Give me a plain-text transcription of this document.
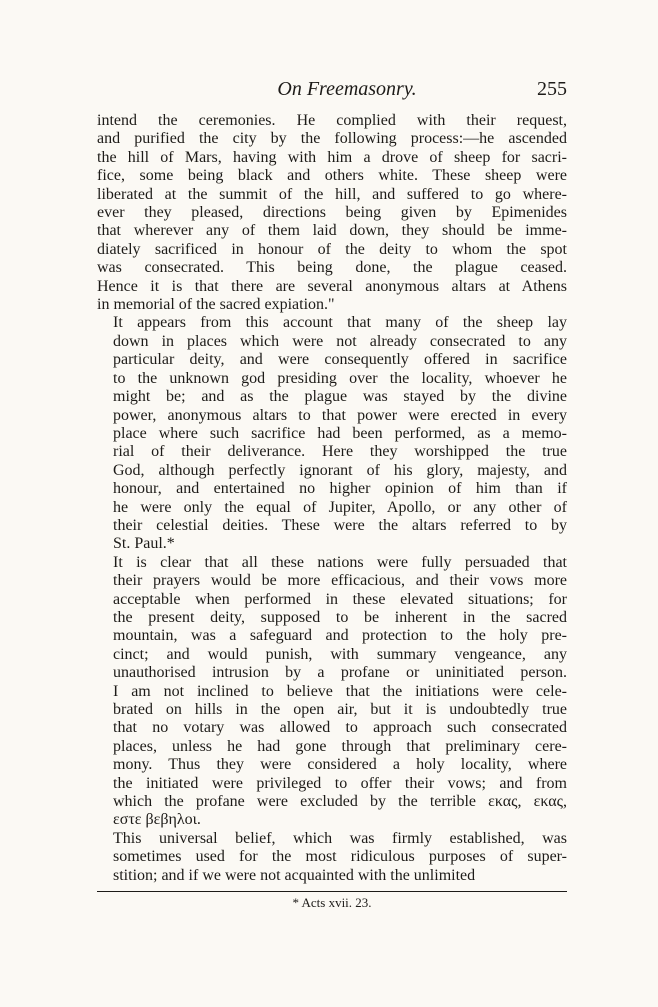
On Freemasonry.	255
intend the ceremonies. He complied with their request,
and purified the city by the following process:—he ascended
the hill of Mars, having with him a drove of sheep for sacri-
fice, some being black and others white. These sheep were
liberated at the summit of the hill, and suffered to go where-
ever they pleased, directions being given by Epimenides
that wherever any of them laid down, they should be imme-
diately sacrificed in honour of the deity to whom the spot
was consecrated. This being done, the plague ceased.
Hence it is that there are several anonymous altars at Athens
in memorial of the sacred expiation."
It appears from this account that many of the sheep lay
down in places which were not already consecrated to any
particular deity, and were consequently offered in sacrifice
to the unknown god presiding over the locality, whoever he
might be; and as the plague was stayed by the divine
power, anonymous altars to that power were erected in every
place where such sacrifice had been performed, as a memo-
rial of their deliverance. Here they worshipped the true
God, although perfectly ignorant of his glory, majesty, and
honour, and entertained no higher opinion of him than if
he were only the equal of Jupiter, Apollo, or any other of
their celestial deities. These were the altars referred to by
St. Paul.*
It is clear that all these nations were fully persuaded that
their prayers would be more efficacious, and their vows more
acceptable when performed in these elevated situations; for
the present deity, supposed to be inherent in the sacred
mountain, was a safeguard and protection to the holy pre-
cinct; and would punish, with summary vengeance, any
unauthorised intrusion by a profane or uninitiated person.
I am not inclined to believe that the initiations were cele-
brated on hills in the open air, but it is undoubtedly true
that no votary was allowed to approach such consecrated
places, unless he had gone through that preliminary cere-
mony. Thus they were considered a holy locality, where
the initiated were privileged to offer their vows; and from
which the profane were excluded by the terrible εκας, εκας,
εστε βεβηλοι.
This universal belief, which was firmly established, was
sometimes used for the most ridiculous purposes of super-
stition; and if we were not acquainted with the unlimited
* Acts xvii. 23.
